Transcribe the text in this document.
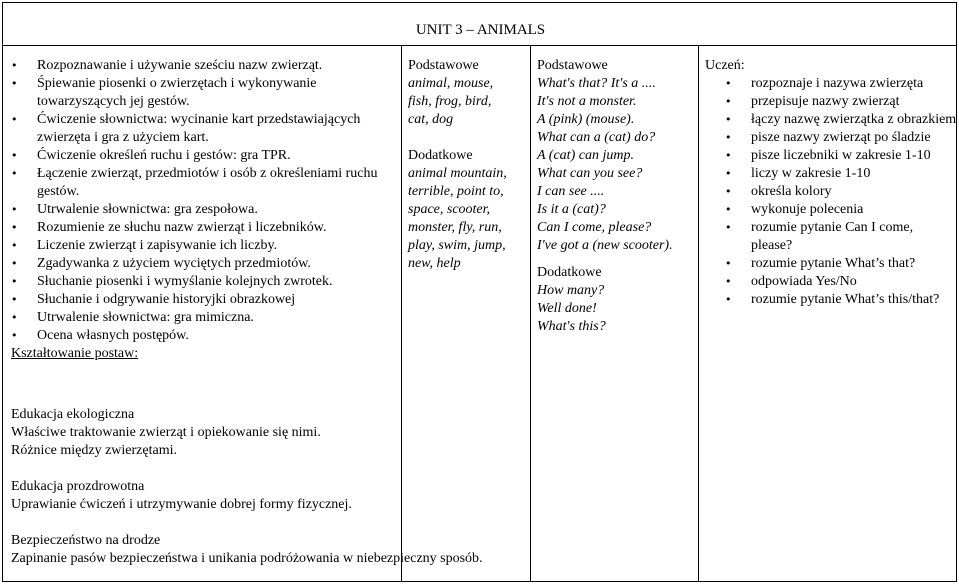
UNIT 3 – ANIMALS
• Rozpoznawanie i używanie sześciu nazw zwierząt.
• Śpiewanie piosenki o zwierzętach i wykonywanie towarzyszących jej gestów.
• Ćwiczenie słownictwa: wycinanie kart przedstawiających zwierzęta i gra z użyciem kart.
• Ćwiczenie określeń ruchu i gestów: gra TPR.
• Łączenie zwierząt, przedmiotów i osób z określeniami ruchu gestów.
• Utrwalenie słownictwa: gra zespołowa.
• Rozumienie ze słuchu nazw zwierząt i liczebników.
• Liczenie zwierząt i zapisywanie ich liczby.
• Zgadywanka z użyciem wyciętych przedmiotów.
• Słuchanie piosenki i wymyślanie kolejnych zwrotek.
• Słuchanie i odgrywanie historyjki obrazkowej
• Utrwalenie słownictwa: gra mimiczna.
• Ocena własnych postępów.
Kształtowanie postaw:
Edukacja ekologiczna
Właściwe traktowanie zwierząt i opiekowanie się nimi.
Różnice między zwierzętami.
Edukacja prozdrowotna
Uprawianie ćwiczeń i utrzymywanie dobrej formy fizycznej.
Bezpieczeństwo na drodze
Zapinanie pasów bezpieczeństwa i unikania podróżowania w niebezpieczny sposób.
Podstawowe
animal, mouse,
fish, frog, bird,
cat, dog
Dodatkowe
animal mountain,
terrible, point to,
space, scooter,
monster, fly, run,
play, swim, jump,
new, help
Podstawowe
What's that? It's a ....
It's not a monster.
A (pink) (mouse).
What can a (cat) do?
A (cat) can jump.
What can you see?
I can see ....
Is it a (cat)?
Can I come, please?
I've got a (new scooter).
Dodatkowe
How many?
Well done!
What's this?
Uczeń:
• rozpoznaje i nazywa zwierzęta
• przepisuje nazwy zwierząt
• łączy nazwę zwierzątka z obrazkiem
• pisze nazwy zwierząt po śladzie
• pisze liczebniki w zakresie 1-10
• liczy w zakresie 1-10
• określa kolory
• wykonuje polecenia
• rozumie pytanie Can I come, please?
• rozumie pytanie What’s that?
• odpowiada Yes/No
• rozumie pytanie What’s this/that?
